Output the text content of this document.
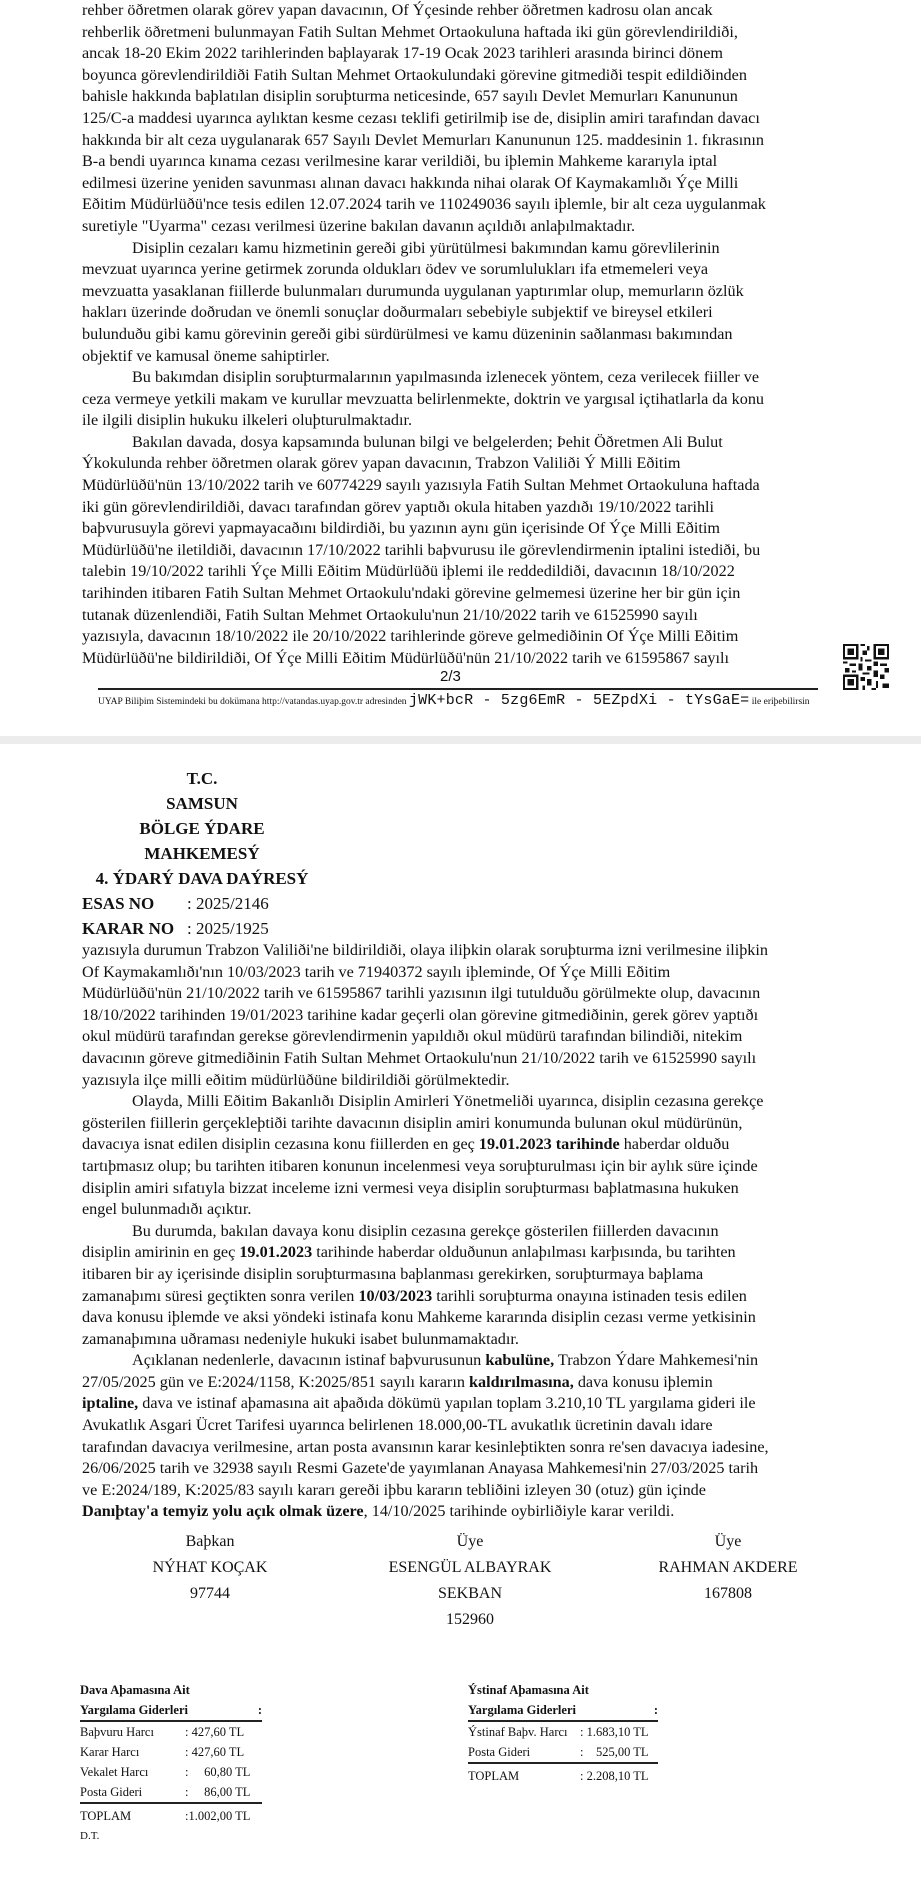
rehber öðretmen olarak görev yapan davacının, Of Ýçesinde rehber öðretmen kadrosu olan ancak
rehberlik öðretmeni bulunmayan Fatih Sultan Mehmet Ortaokuluna haftada iki gün görevlendirildiði,
ancak 18-20 Ekim 2022 tarihlerinden baþlayarak 17-19 Ocak 2023 tarihleri arasında birinci dönem
boyunca görevlendirildiði Fatih Sultan Mehmet Ortaokulundaki görevine gitmediði tespit edildiðinden
bahisle hakkında baþlatılan disiplin soruþturma neticesinde, 657 sayılı Devlet Memurları Kanununun
125/C-a maddesi uyarınca aylıktan kesme cezası teklifi getirilmiþ ise de, disiplin amiri tarafından davacı
hakkında bir alt ceza uygulanarak 657 Sayılı Devlet Memurları Kanununun 125. maddesinin 1. fıkrasının
B-a bendi uyarınca kınama cezası verilmesine karar verildiði, bu iþlemin Mahkeme kararıyla iptal
edilmesi üzerine yeniden savunması alınan davacı hakkında nihai olarak Of Kaymakamlıðı Ýçe Milli
Eðitim Müdürlüðü'nce tesis edilen 12.07.2024 tarih ve 110249036 sayılı iþlemle, bir alt ceza uygulanmak
suretiyle "Uyarma" cezası verilmesi üzerine bakılan davanın açıldıðı anlaþılmaktadır.
Disiplin cezaları kamu hizmetinin gereði gibi yürütülmesi bakımından kamu görevlilerinin
mevzuat uyarınca yerine getirmek zorunda oldukları ödev ve sorumlulukları ifa etmemeleri veya
mevzuatta yasaklanan fiillerde bulunmaları durumunda uygulanan yaptırımlar olup, memurların özlük
hakları üzerinde doðrudan ve önemli sonuçlar doðurmaları sebebiyle subjektif ve bireysel etkileri
bulunduðu gibi kamu görevinin gereði gibi sürdürülmesi ve kamu düzeninin saðlanması bakımından
objektif ve kamusal öneme sahiptirler.
Bu bakımdan disiplin soruþturmalarının yapılmasında izlenecek yöntem, ceza verilecek fiiller ve
ceza vermeye yetkili makam ve kurullar mevzuatta belirlenmekte, doktrin ve yargısal içtihatlarla da konu
ile ilgili disiplin hukuku ilkeleri oluþturulmaktadır.
Bakılan davada, dosya kapsamında bulunan bilgi ve belgelerden; Þehit Öðretmen Ali Bulut
Ýkokulunda rehber öðretmen olarak görev yapan davacının, Trabzon Valiliði Ý Milli Eðitim
Müdürlüðü'nün 13/10/2022 tarih ve 60774229 sayılı yazısıyla Fatih Sultan Mehmet Ortaokuluna haftada
iki gün görevlendirildiði, davacı tarafından görev yaptıðı okula hitaben yazdıðı 19/10/2022 tarihli
baþvurusuyla görevi yapmayacaðını bildirdiði, bu yazının aynı gün içerisinde Of Ýçe Milli Eðitim
Müdürlüðü'ne iletildiði, davacının 17/10/2022 tarihli baþvurusu ile görevlendirmenin iptalini istediði, bu
talebin 19/10/2022 tarihli Ýçe Milli Eðitim Müdürlüðü iþlemi ile reddedildiði, davacının 18/10/2022
tarihinden itibaren Fatih Sultan Mehmet Ortaokulu'ndaki görevine gelmemesi üzerine her bir gün için
tutanak düzenlendiði, Fatih Sultan Mehmet Ortaokulu'nun 21/10/2022 tarih ve 61525990 sayılı
yazısıyla, davacının 18/10/2022 ile 20/10/2022 tarihlerinde göreve gelmediðinin Of Ýçe Milli Eðitim
Müdürlüðü'ne bildirildiði, Of Ýçe Milli Eðitim Müdürlüðü'nün 21/10/2022 tarih ve 61595867 sayılı
2/3
UYAP Biliþim Sistemindeki bu dokümana http://vatandas.uyap.gov.tr adresinden jWK+bcR - 5zg6EmR - 5EZpdXi - tYsGaE= ile eriþebilirsin
T.C.
SAMSUN
BÖLGE ÝDARE MAHKEMESÝ
4. ÝDARÝ DAVA DAÝRESÝ
ESAS NO	: 2025/2146
KARAR NO : 2025/1925
yazısıyla durumun Trabzon Valiliði'ne bildirildiði, olaya iliþkin olarak soruþturma izni verilmesine iliþkin
Of Kaymakamlıðı'nın 10/03/2023 tarih ve 71940372 sayılı iþleminde, Of Ýçe Milli Eðitim
Müdürlüðü'nün 21/10/2022 tarih ve 61595867 tarihli yazısının ilgi tutulduðu görülmekte olup, davacının
18/10/2022 tarihinden 19/01/2023 tarihine kadar geçerli olan görevine gitmediðinin, gerek görev yaptıðı
okul müdürü tarafından gerekse görevlendirmenin yapıldıðı okul müdürü tarafından bilindiði, nitekim
davacının göreve gitmediðinin Fatih Sultan Mehmet Ortaokulu'nun 21/10/2022 tarih ve 61525990 sayılı
yazısıyla ilçe milli eðitim müdürlüðüne bildirildiði görülmektedir.
Olayda, Milli Eðitim Bakanlıðı Disiplin Amirleri Yönetmeliði uyarınca, disiplin cezasına gerekçe
gösterilen fiillerin gerçekleþtiði tarihte davacının disiplin amiri konumunda bulunan okul müdürünün,
davacıya isnat edilen disiplin cezasına konu fiillerden en geç 19.01.2023 tarihinde haberdar olduðu
tartıþmasız olup; bu tarihten itibaren konunun incelenmesi veya soruþturulması için bir aylık süre içinde
disiplin amiri sıfatıyla bizzat inceleme izni vermesi veya disiplin soruþturması baþlatmasına hukuken
engel bulunmadıðı açıktır.
Bu durumda, bakılan davaya konu disiplin cezasına gerekçe gösterilen fiillerden davacının
disiplin amirinin en geç 19.01.2023 tarihinde haberdar olduðunun anlaþılması karþısında, bu tarihten
itibaren bir ay içerisinde disiplin soruþturmasına baþlanması gerekirken, soruþturmaya baþlama
zamanaþımı süresi geçtikten sonra verilen 10/03/2023 tarihli soruþturma onayına istinaden tesis edilen
dava konusu iþlemde ve aksi yöndeki istinafa konu Mahkeme kararında disiplin cezası verme yetkisinin
zamanaþımına uðraması nedeniyle hukuki isabet bulunmamaktadır.
Açıklanan nedenlerle, davacının istinaf baþvurusunun kabulüne, Trabzon Ýdare Mahkemesi'nin
27/05/2025 gün ve E:2024/1158, K:2025/851 sayılı kararın kaldırılmasına, dava konusu iþlemin
iptaline, dava ve istinaf aþamasına ait aþaðıda dökümü yapılan toplam 3.210,10 TL yargılama gideri ile
Avukatlık Asgari Ücret Tarifesi uyarınca belirlenen 18.000,00-TL avukatlık ücretinin davalı idare
tarafından davacıya verilmesine, artan posta avansının karar kesinleþtikten sonra re'sen davacıya iadesine,
26/06/2025 tarih ve 32938 sayılı Resmi Gazete'de yayımlanan Anayasa Mahkemesi'nin 27/03/2025 tarih
ve E:2024/189, K:2025/83 sayılı kararı gereði iþbu kararın tebliðini izleyen 30 (otuz) gün içinde
Danıþtay'a temyiz yolu açık olmak üzere, 14/10/2025 tarihinde oybirliðiyle karar verildi.
Baþkan
NÝHAT KOÇAK
97744
Üye
ESENGÜL ALBAYRAK
SEKBAN
152960
Üye
RAHMAN AKDERE
167808
Dava Aþamasına Ait
Yargılama Giderleri	:
Baþvuru Harcı	: 427,60 TL
Karar Harcı	: 427,60 TL
Vekalet Harcı	:     60,80 TL
Posta Gideri	:     86,00 TL
TOPLAM	:1.002,00 TL
D.T.
Ýstinaf Aþamasına Ait
Yargılama Giderleri	:
Ýstinaf Baþv. Harcı : 1.683,10 TL
Posta Gideri	:    525,00 TL
TOPLAM	: 2.208,10 TL
